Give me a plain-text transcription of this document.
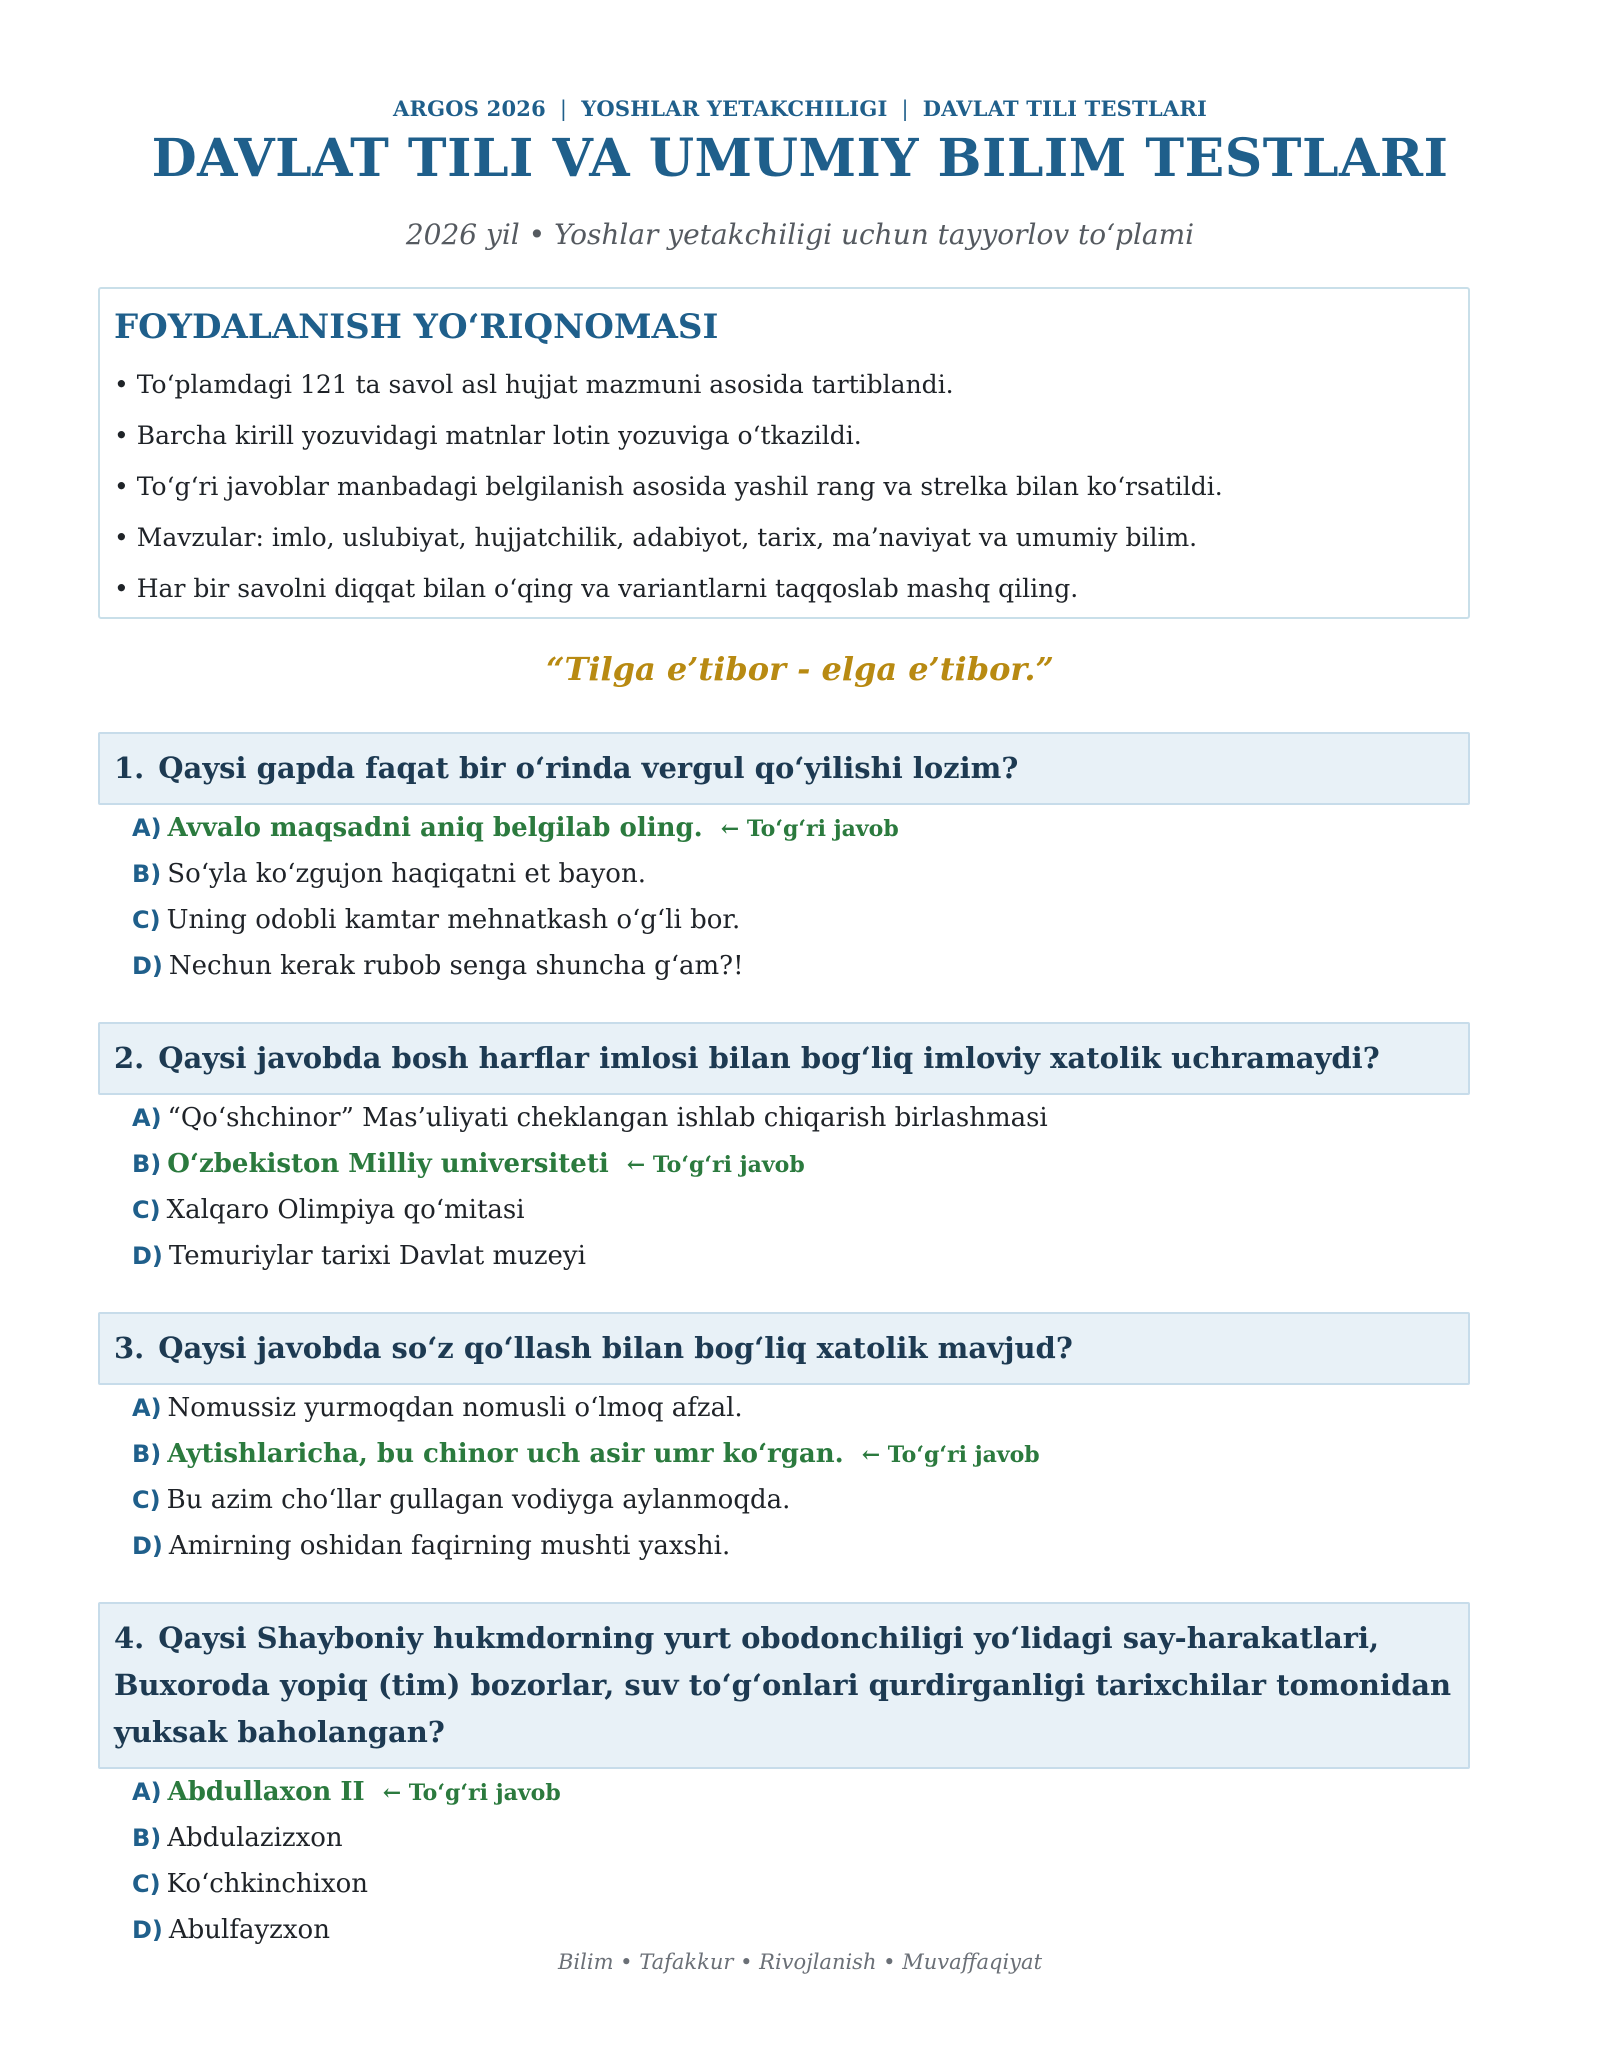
ARGOS 2026 | YOSHLAR YETAKCHILIGI | DAVLAT TILI TESTLARI
DAVLAT TILI VA UMUMIY BILIM TESTLARI
2026 yil • Yoshlar yetakchiligi uchun tayyorlov to‘plami
FOYDALANISH YO‘RIQNOMASI
• To‘plamdagi 121 ta savol asl hujjat mazmuni asosida tartiblandi.
• Barcha kirill yozuvidagi matnlar lotin yozuviga o‘tkazildi.
• To‘g‘ri javoblar manbadagi belgilanish asosida yashil rang va strelka bilan ko‘rsatildi.
• Mavzular: imlo, uslubiyat, hujjatchilik, adabiyot, tarix, ma’naviyat va umumiy bilim.
• Har bir savolni diqqat bilan o‘qing va variantlarni taqqoslab mashq qiling.
“Tilga e’tibor - elga e’tibor.”
1. Qaysi gapda faqat bir o‘rinda vergul qo‘yilishi lozim?
A) Avvalo maqsadni aniq belgilab oling. ← To‘g‘ri javob
B) So‘yla ko‘zgujon haqiqatni et bayon.
C) Uning odobli kamtar mehnatkash o‘g‘li bor.
D) Nechun kerak rubob senga shuncha g‘am?!
2. Qaysi javobda bosh harflar imlosi bilan bog‘liq imloviy xatolik uchramaydi?
A) “Qo‘shchinor” Mas’uliyati cheklangan ishlab chiqarish birlashmasi
B) O‘zbekiston Milliy universiteti ← To‘g‘ri javob
C) Xalqaro Olimpiya qo‘mitasi
D) Temuriylar tarixi Davlat muzeyi
3. Qaysi javobda so‘z qo‘llash bilan bog‘liq xatolik mavjud?
A) Nomussiz yurmoqdan nomusli o‘lmoq afzal.
B) Aytishlaricha, bu chinor uch asir umr ko‘rgan. ← To‘g‘ri javob
C) Bu azim cho‘llar gullagan vodiyga aylanmoqda.
D) Amirning oshidan faqirning mushti yaxshi.
4. Qaysi Shayboniy hukmdorning yurt obodonchiligi yo‘lidagi say-harakatlari, Buxoroda yopiq (tim) bozorlar, suv to‘g‘onlari qurdirganligi tarixchilar tomonidan yuksak baholangan?
A) Abdullaxon II ← To‘g‘ri javob
B) Abdulazizxon
C) Ko‘chkinchixon
D) Abulfayzxon
Bilim • Tafakkur • Rivojlanish • Muvaffaqiyat
